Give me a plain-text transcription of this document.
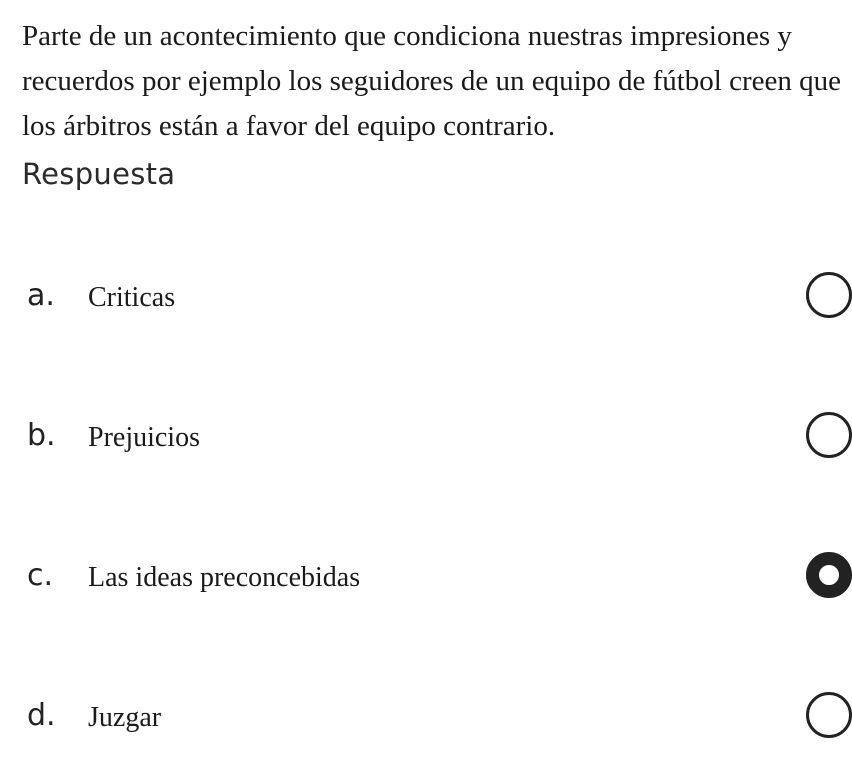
Parte de un acontecimiento que condiciona nuestras impresiones y recuerdos por ejemplo los seguidores de un equipo de fútbol creen que los árbitros están a favor del equipo contrario.
Respuesta
a. Criticas
b. Prejuicios
c. Las ideas preconcebidas
d. Juzgar
